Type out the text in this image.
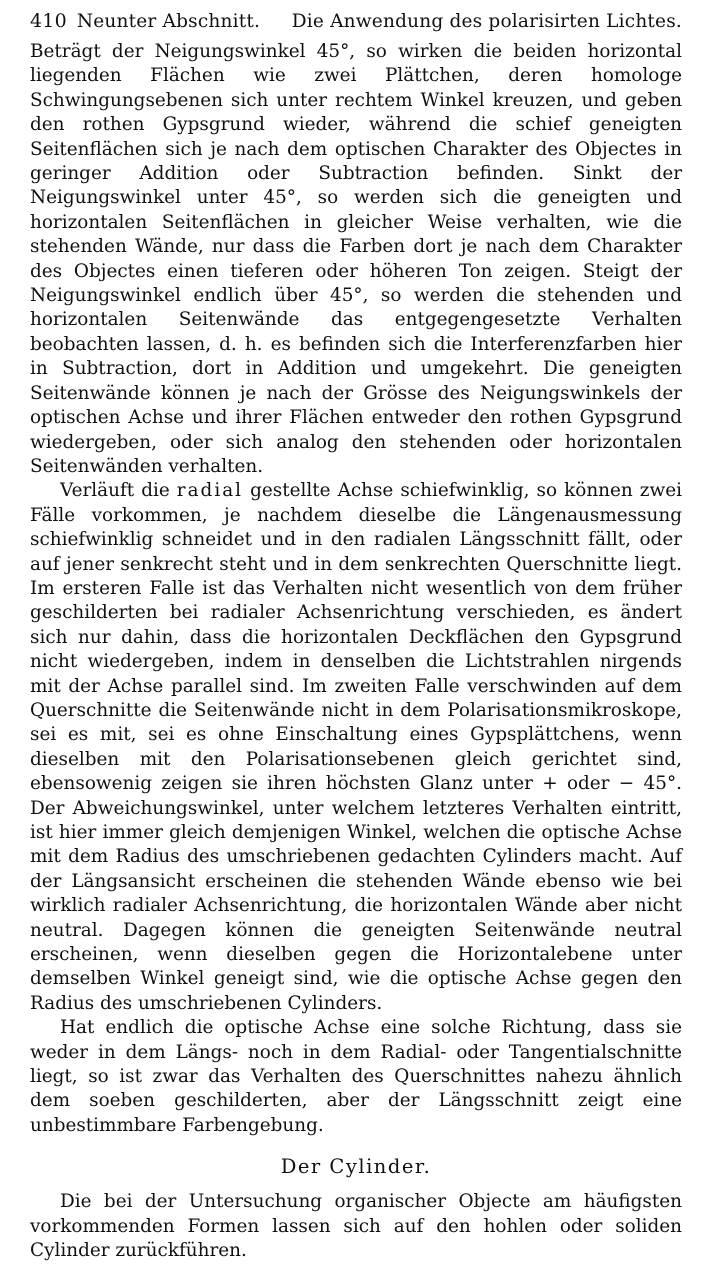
410 Neunter Abschnitt.	Die Anwendung des polarisirten Lichtes.

Beträgt der Neigungswinkel 45°, so wirken die beiden horizontal liegenden Flächen wie zwei Plättchen, deren homologe Schwingungsebenen sich unter rechtem Winkel kreuzen, und geben den rothen Gypsgrund wieder, während die schief geneigten Seitenflächen sich je nach dem optischen Charakter des Objectes in geringer Addition oder Subtraction befinden. Sinkt der Neigungswinkel unter 45°, so werden sich die geneigten und horizontalen Seitenflächen in gleicher Weise verhalten, wie die stehenden Wände, nur dass die Farben dort je nach dem Charakter des Objectes einen tieferen oder höheren Ton zeigen. Steigt der Neigungswinkel endlich über 45°, so werden die stehenden und horizontalen Seitenwände das entgegengesetzte Verhalten beobachten lassen, d. h. es befinden sich die Interferenzfarben hier in Subtraction, dort in Addition und umgekehrt. Die geneigten Seitenwände können je nach der Grösse des Neigungswinkels der optischen Achse und ihrer Flächen entweder den rothen Gypsgrund wiedergeben, oder sich analog den stehenden oder horizontalen Seitenwänden verhalten.

Verläuft die radial gestellte Achse schiefwinklig, so können zwei Fälle vorkommen, je nachdem dieselbe die Längenausmessung schiefwinklig schneidet und in den radialen Längsschnitt fällt, oder auf jener senkrecht steht und in dem senkrechten Querschnitte liegt. Im ersteren Falle ist das Verhalten nicht wesentlich von dem früher geschilderten bei radialer Achsenrichtung verschieden, es ändert sich nur dahin, dass die horizontalen Deckflächen den Gypsgrund nicht wiedergeben, indem in denselben die Lichtstrahlen nirgends mit der Achse parallel sind. Im zweiten Falle verschwinden auf dem Querschnitte die Seitenwände nicht in dem Polarisationsmikroskope, sei es mit, sei es ohne Einschaltung eines Gypsplättchens, wenn dieselben mit den Polarisationsebenen gleich gerichtet sind, ebensowenig zeigen sie ihren höchsten Glanz unter + oder − 45°. Der Abweichungswinkel, unter welchem letzteres Verhalten eintritt, ist hier immer gleich demjenigen Winkel, welchen die optische Achse mit dem Radius des umschriebenen gedachten Cylinders macht. Auf der Längsansicht erscheinen die stehenden Wände ebenso wie bei wirklich radialer Achsenrichtung, die horizontalen Wände aber nicht neutral. Dagegen können die geneigten Seitenwände neutral erscheinen, wenn dieselben gegen die Horizontalebene unter demselben Winkel geneigt sind, wie die optische Achse gegen den Radius des umschriebenen Cylinders.

Hat endlich die optische Achse eine solche Richtung, dass sie weder in dem Längs- noch in dem Radial- oder Tangentialschnitte liegt, so ist zwar das Verhalten des Querschnittes nahezu ähnlich dem soeben geschilderten, aber der Längsschnitt zeigt eine unbestimmbare Farbengebung.

Der Cylinder.

Die bei der Untersuchung organischer Objecte am häufigsten vorkommenden Formen lassen sich auf den hohlen oder soliden Cylinder zurückführen.
